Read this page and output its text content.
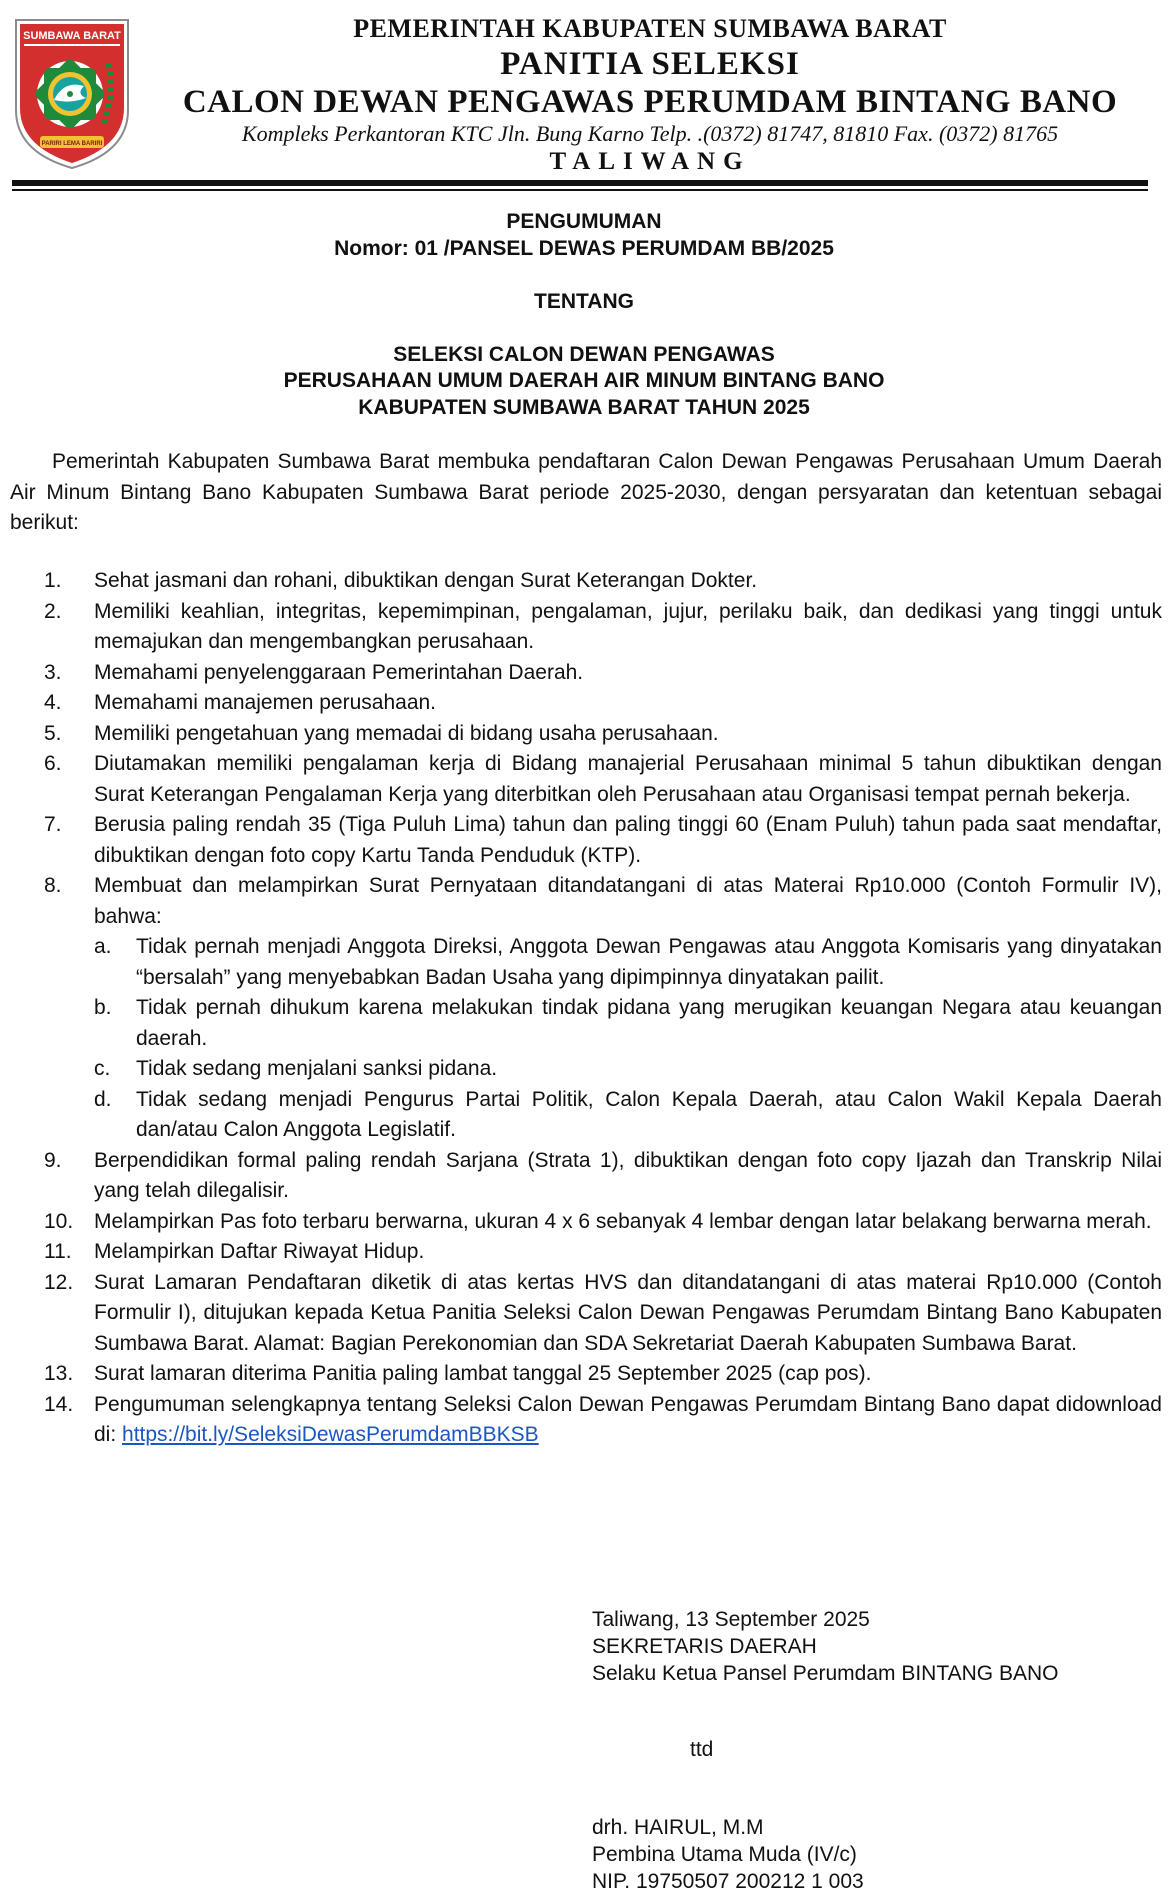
SUMBAWA BARAT
PARIRI LEMA BARIRI
PEMERINTAH KABUPATEN SUMBAWA BARAT
PANITIA SELEKSI
CALON DEWAN PENGAWAS PERUMDAM BINTANG BANO
Kompleks Perkantoran KTC Jln. Bung Karno Telp. .(0372) 81747, 81810 Fax. (0372) 81765
TALIWANG
PENGUMUMAN
Nomor: 01 /PANSEL DEWAS PERUMDAM BB/2025
TENTANG
SELEKSI CALON DEWAN PENGAWAS
PERUSAHAAN UMUM DAERAH AIR MINUM BINTANG BANO
KABUPATEN SUMBAWA BARAT TAHUN 2025

Pemerintah Kabupaten Sumbawa Barat membuka pendaftaran Calon Dewan Pengawas Perusahaan Umum Daerah Air Minum Bintang Bano Kabupaten Sumbawa Barat periode 2025-2030, dengan persyaratan dan ketentuan sebagai berikut:

1. Sehat jasmani dan rohani, dibuktikan dengan Surat Keterangan Dokter.
2. Memiliki keahlian, integritas, kepemimpinan, pengalaman, jujur, perilaku baik, dan dedikasi yang tinggi untuk memajukan dan mengembangkan perusahaan.
3. Memahami penyelenggaraan Pemerintahan Daerah.
4. Memahami manajemen perusahaan.
5. Memiliki pengetahuan yang memadai di bidang usaha perusahaan.
6. Diutamakan memiliki pengalaman kerja di Bidang manajerial Perusahaan minimal 5 tahun dibuktikan dengan Surat Keterangan Pengalaman Kerja yang diterbitkan oleh Perusahaan atau Organisasi tempat pernah bekerja.
7. Berusia paling rendah 35 (Tiga Puluh Lima) tahun dan paling tinggi 60 (Enam Puluh) tahun pada saat mendaftar, dibuktikan dengan foto copy Kartu Tanda Penduduk (KTP).
8. Membuat dan melampirkan Surat Pernyataan ditandatangani di atas Materai Rp10.000 (Contoh Formulir IV), bahwa:
a. Tidak pernah menjadi Anggota Direksi, Anggota Dewan Pengawas atau Anggota Komisaris yang dinyatakan “bersalah” yang menyebabkan Badan Usaha yang dipimpinnya dinyatakan pailit.
b. Tidak pernah dihukum karena melakukan tindak pidana yang merugikan keuangan Negara atau keuangan daerah.
c. Tidak sedang menjalani sanksi pidana.
d. Tidak sedang menjadi Pengurus Partai Politik, Calon Kepala Daerah, atau Calon Wakil Kepala Daerah dan/atau Calon Anggota Legislatif.
9. Berpendidikan formal paling rendah Sarjana (Strata 1), dibuktikan dengan foto copy Ijazah dan Transkrip Nilai yang telah dilegalisir.
10. Melampirkan Pas foto terbaru berwarna, ukuran 4 x 6 sebanyak 4 lembar dengan latar belakang berwarna merah.
11. Melampirkan Daftar Riwayat Hidup.
12. Surat Lamaran Pendaftaran diketik di atas kertas HVS dan ditandatangani di atas materai Rp10.000 (Contoh Formulir I), ditujukan kepada Ketua Panitia Seleksi Calon Dewan Pengawas Perumdam Bintang Bano Kabupaten Sumbawa Barat. Alamat: Bagian Perekonomian dan SDA Sekretariat Daerah Kabupaten Sumbawa Barat.
13. Surat lamaran diterima Panitia paling lambat tanggal 25 September 2025 (cap pos).
14. Pengumuman selengkapnya tentang Seleksi Calon Dewan Pengawas Perumdam Bintang Bano dapat didownload di: https://bit.ly/SeleksiDewasPerumdamBBKSB
Taliwang, 13 September 2025
SEKRETARIS DAERAH
Selaku Ketua Pansel Perumdam BINTANG BANO
ttd
drh. HAIRUL, M.M
Pembina Utama Muda (IV/c)
NIP. 19750507 200212 1 003
